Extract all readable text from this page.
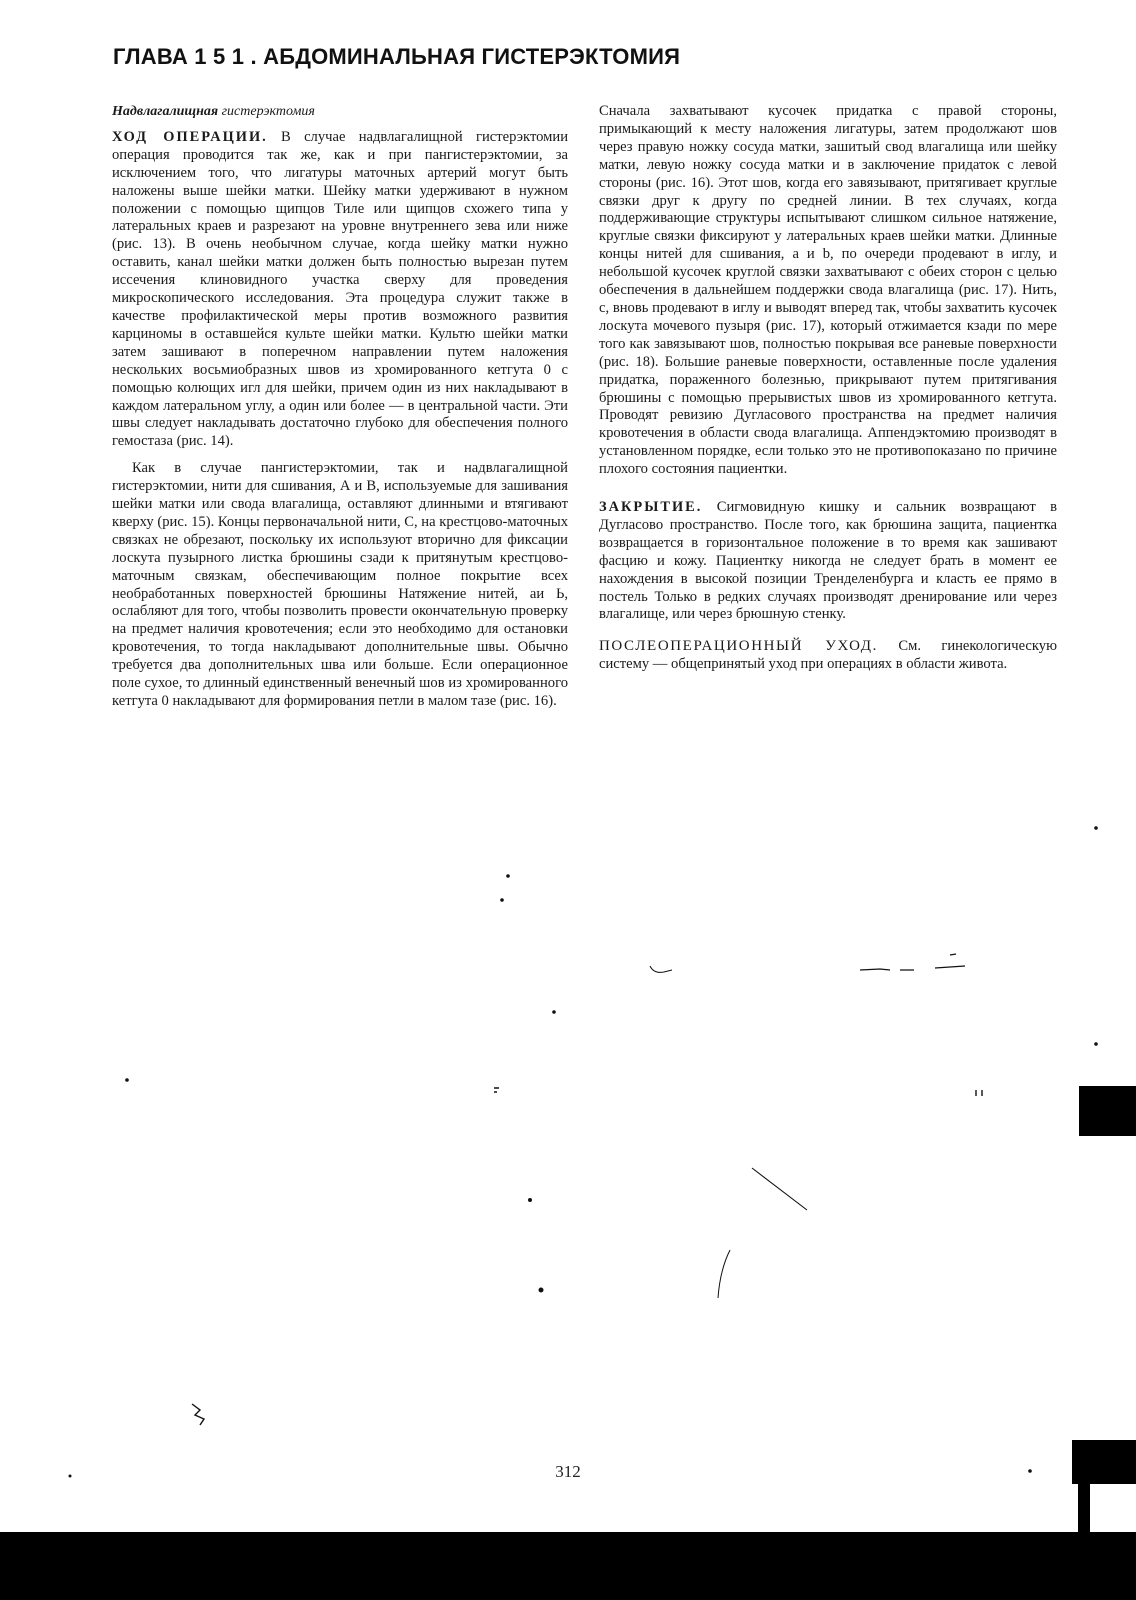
ГЛАВА 1 5 1 . АБДОМИНАЛЬНАЯ ГИСТЕРЭКТОМИЯ

Надвлагалищная гистерэктомия

ХОД ОПЕРАЦИИ. В случае надвлагалищной гистерэктомии операция проводится так же, как и при пангистерэктомии, за исключением того, что лигатуры маточных артерий могут быть наложены выше шейки матки. Шейку матки удерживают в нужном положении с помощью щипцов Тиле или щипцов схожего типа у латеральных краев и разрезают на уровне внутреннего зева или ниже (рис. 13). В очень необычном случае, когда шейку матки нужно оставить, канал шейки матки должен быть полностью вырезан путем иссечения клиновидного участка сверху для проведения микроскопического исследования. Эта процедура служит также в качестве профилактической меры против возможного развития карциномы в оставшейся культе шейки матки. Культю шейки матки затем зашивают в поперечном направлении путем наложения нескольких восьмиобразных швов из хромированного кетгута 0 с помощью колющих игл для шейки, причем один из них накладывают в каждом латеральном углу, а один или более — в центральной части. Эти швы следует накладывать достаточно глубоко для обеспечения полного гемостаза (рис. 14).

Как в случае пангистерэктомии, так и надвлагалищной гистерэктомии, нити для сшивания, А и В, используемые для зашивания шейки матки или свода влагалища, оставляют длинными и втягивают кверху (рис. 15). Концы первоначальной нити, С, на крестцово-маточных связках не обрезают, поскольку их используют вторично для фиксации лоскута пузырного листка брюшины сзади к притянутым крестцово-маточным связкам, обеспечивающим полное покрытие всех необработанных поверхностей брюшины Натяжение нитей, аи Ь, ослабляют для того, чтобы позволить провести окончательную проверку на предмет наличия кровотечения; если это необходимо для остановки кровотечения, то тогда накладывают дополнительные швы. Обычно требуется два дополнительных шва или больше. Если операционное поле сухое, то длинный единственный венечный шов из хромированного кетгута 0 накладывают для формирования петли в малом тазе (рис. 16).

Сначала захватывают кусочек придатка с правой стороны, примыкающий к месту наложения лигатуры, затем продолжают шов через правую ножку сосуда матки, зашитый свод влагалища или шейку матки, левую ножку сосуда матки и в заключение придаток с левой стороны (рис. 16). Этот шов, когда его завязывают, притягивает круглые связки друг к другу по средней линии. В тех случаях, когда поддерживающие структуры испытывают слишком сильное натяжение, круглые связки фиксируют у латеральных краев шейки матки. Длинные концы нитей для сшивания, а и b, по очереди продевают в иглу, и небольшой кусочек круглой связки захватывают с обеих сторон с целью обеспечения в дальнейшем поддержки свода влагалища (рис. 17). Нить, с, вновь продевают в иглу и выводят вперед так, чтобы захватить кусочек лоскута мочевого пузыря (рис. 17), который отжимается кзади по мере того как завязывают шов, полностью покрывая все раневые поверхности (рис. 18). Большие раневые поверхности, оставленные после удаления придатка, пораженного болезнью, прикрывают путем притягивания брюшины с помощью прерывистых швов из хромированного кетгута. Проводят ревизию Дугласового пространства на предмет наличия кровотечения в области свода влагалища. Аппендэктомию производят в установленном порядке, если только это не противопоказано по причине плохого состояния пациентки.

ЗАКРЫТИЕ. Сигмовидную кишку и сальник возвращают в Дугласово пространство. После того, как брюшина защита, пациентка возвращается в горизонтальное положение в то время как зашивают фасцию и кожу. Пациентку никогда не следует брать в момент ее нахождения в высокой позиции Тренделенбурга и класть ее прямо в постель Только в редких случаях производят дренирование или через влагалище, или через брюшную стенку.

ПОСЛЕОПЕРАЦИОННЫЙ УХОД. См. гинекологическую систему — общепринятый уход при операциях в области живота.

312
